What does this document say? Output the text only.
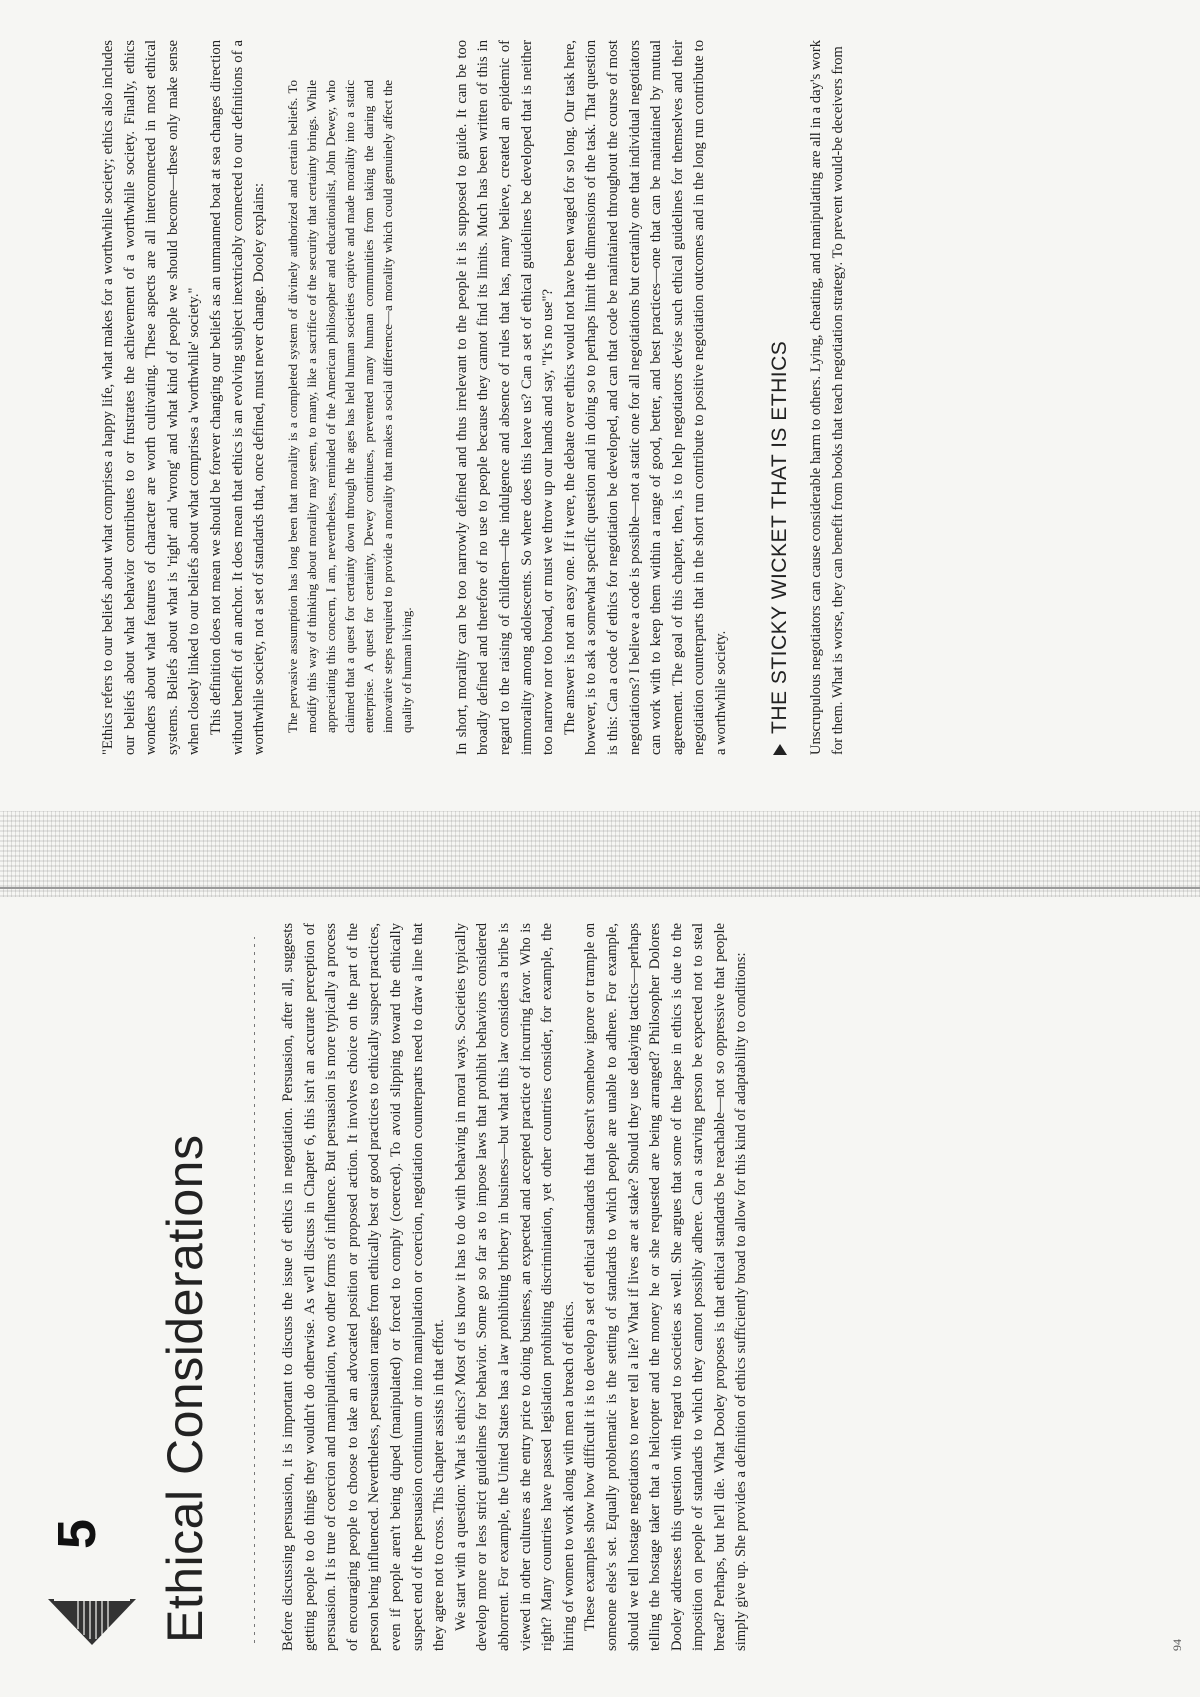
5 Ethical Considerations	Before discussing persuasion, it is important to discuss the issue of ethics in negotiation. Persuasion, after all, suggests getting people to do things they wouldn't do otherwise. As we'll discuss in Chapter 6, this isn't an accurate perception of persuasion. It is true of coercion and manipulation, two other forms of influence. But persuasion is more typically a process of encouraging people to choose to take an advocated position or proposed action. It involves choice on the part of the person being influenced. Nevertheless, persuasion ranges from ethically best or good practices to ethically suspect practices, even if people aren't being duped (manipulated) or forced to comply (coerced). To avoid slipping toward the ethically suspect end of the persuasion continuum or into manipulation or coercion, negotiation counterparts need to draw a line that they agree not to cross. This chapter assists in that effort. We start with a question: What is ethics? Most of us know it has to do with behaving in moral ways. Societies typically develop more or less strict guidelines for behavior. Some go so far as to impose laws that prohibit behaviors considered abhorrent. For example, the United States has a law prohibiting bribery in business—but what this law considers a bribe is viewed in other cultures as the entry price to doing business, an expected and accepted practice of incurring favor. Who is right? Many countries have passed legislation prohibiting discrimination, yet other countries consider, for example, the hiring of women to work along with men a breach of ethics. These examples show how difficult it is to develop a set of ethical standards that doesn't somehow ignore or trample on someone else's set. Equally problematic is the setting of standards to which people are unable to adhere. For example, should we tell hostage negotiators to never tell a lie? What if lives are at stake? Should they use delaying tactics—perhaps telling the hostage taker that a helicopter and the money he or she requested are being arranged? Philosopher Dolores Dooley addresses this question with regard to societies as well. She argues that some of the lapse in ethics is due to the imposition on people of standards to which they cannot possibly adhere. Can a starving person be expected not to steal bread? Perhaps, but he'll die. What Dooley proposes is that ethical standards be reachable—not so oppressive that people simply give up. She provides a definition of ethics sufficiently broad to allow for this kind of adaptability to conditions:	94

"Ethics refers to our beliefs about what comprises a happy life, what makes for a worthwhile society; ethics also includes our beliefs about what behavior contributes to or frustrates the achievement of a worthwhile society. Finally, ethics wonders about what features of character are worth cultivating. These aspects are all interconnected in most ethical systems. Beliefs about what is 'right' and 'wrong' and what kind of people we should become—these only make sense when closely linked to our beliefs about what comprises a 'worthwhile' society." This definition does not mean we should be forever changing our beliefs as an unmanned boat at sea changes direction without benefit of an anchor. It does mean that ethics is an evolving subject inextricably connected to our definitions of a worthwhile society, not a set of standards that, once defined, must never change. Dooley explains: The pervasive assumption has long been that morality is a completed system of divinely authorized and certain beliefs. To modify this way of thinking about morality may seem, to many, like a sacrifice of the security that certainty brings. While appreciating this concern, I am, nevertheless, reminded of the American philosopher and educationalist, John Dewey, who claimed that a quest for certainty down through the ages has held human societies captive and made morality into a static enterprise. A quest for certainty, Dewey continues, prevented many human communities from taking the daring and innovative steps required to provide a morality that makes a social difference—a morality which could genuinely affect the quality of human living.	In short, morality can be too narrowly defined and thus irrelevant to the people it is supposed to guide. It can be too broadly defined and therefore of no use to people because they cannot find its limits. Much has been written of this in regard to the raising of children—the indulgence and absence of rules that has, many believe, created an epidemic of immorality among adolescents. So where does this leave us? Can a set of ethical guidelines be developed that is neither too narrow nor too broad, or must we throw up our hands and say, "It's no use"? The answer is not an easy one. If it were, the debate over ethics would not have been waged for so long. Our task here, however, is to ask a somewhat specific question and in doing so to perhaps limit the dimensions of the task. That question is this: Can a code of ethics for negotiation be developed, and can that code be maintained throughout the course of most negotiations? I believe a code is possible—not a static one for all negotiations but certainly one that individual negotiators can work with to keep them within a range of good, better, and best practices—one that can be maintained by mutual agreement. The goal of this chapter, then, is to help negotiators devise such ethical guidelines for themselves and their negotiation counterparts that in the short run contribute to positive negotiation outcomes and in the long run contribute to a worthwhile society. THE STICKY WICKET THAT IS ETHICS Unscrupulous negotiators can cause considerable harm to others. Lying, cheating, and manipulating are all in a day's work for them. What is worse, they can benefit from books that teach negotiation strategy. To prevent would-be deceivers from
